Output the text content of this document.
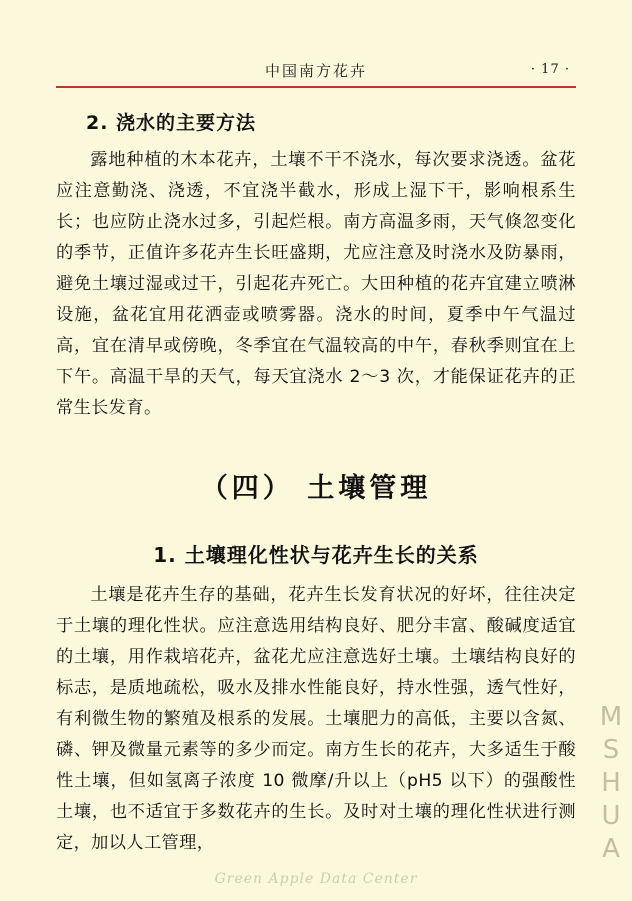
中国南方花卉	· 17 ·
2. 浇水的主要方法

露地种植的木本花卉，土壤不干不浇水，每次要求浇透。盆花应注意勤浇、浇透，不宜浇半截水，形成上湿下干，影响根系生长；也应防止浇水过多，引起烂根。南方高温多雨，天气倏忽变化的季节，正值许多花卉生长旺盛期，尤应注意及时浇水及防暴雨，避免土壤过湿或过干，引起花卉死亡。大田种植的花卉宜建立喷淋设施，盆花宜用花洒壶或喷雾器。浇水的时间，夏季中午气温过高，宜在清早或傍晚，冬季宜在气温较高的中午，春秋季则宜在上下午。高温干旱的天气，每天宜浇水 2～3 次，才能保证花卉的正常生长发育。

（四） 土壤管理
1. 土壤理化性状与花卉生长的关系

土壤是花卉生存的基础，花卉生长发育状况的好坏，往往决定于土壤的理化性状。应注意选用结构良好、肥分丰富、酸碱度适宜的土壤，用作栽培花卉，盆花尤应注意选好土壤。土壤结构良好的标志，是质地疏松，吸水及排水性能良好，持水性强，透气性好，有利微生物的繁殖及根系的发展。土壤肥力的高低，主要以含氮、磷、钾及微量元素等的多少而定。南方生长的花卉，大多适生于酸性土壤，但如氢离子浓度 10 微摩/升以上（pH5 以下）的强酸性土壤，也不适宜于多数花卉的生长。及时对土壤的理化性状进行测定，加以人工管理，	MSHUA
Green Apple Data Center
